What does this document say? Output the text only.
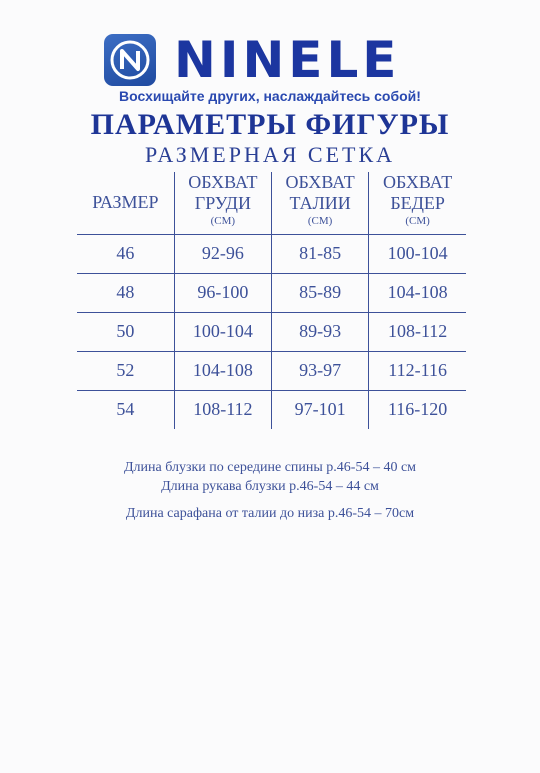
NINELE
Восхищайте других, наслаждайтесь собой!
ПАРАМЕТРЫ ФИГУРЫ
РАЗМЕРНАЯ СЕТКА
РАЗМЕР	ОБХВАТ
ГРУДИ
(СМ)	ОБХВАТ
ТАЛИИ
(СМ)	ОБХВАТ
БЕДЕР
(СМ)

46	92-96	81-85	100-104
48	96-100	85-89	104-108
50	100-104	89-93	108-112
52	104-108	93-97	112-116
54	108-112	97-101	116-120

Длина блузки по середине спины р.46-54 – 40 см

Длина рукава блузки р.46-54 – 44 см

Длина сарафана от талии до низа р.46-54 – 70см
